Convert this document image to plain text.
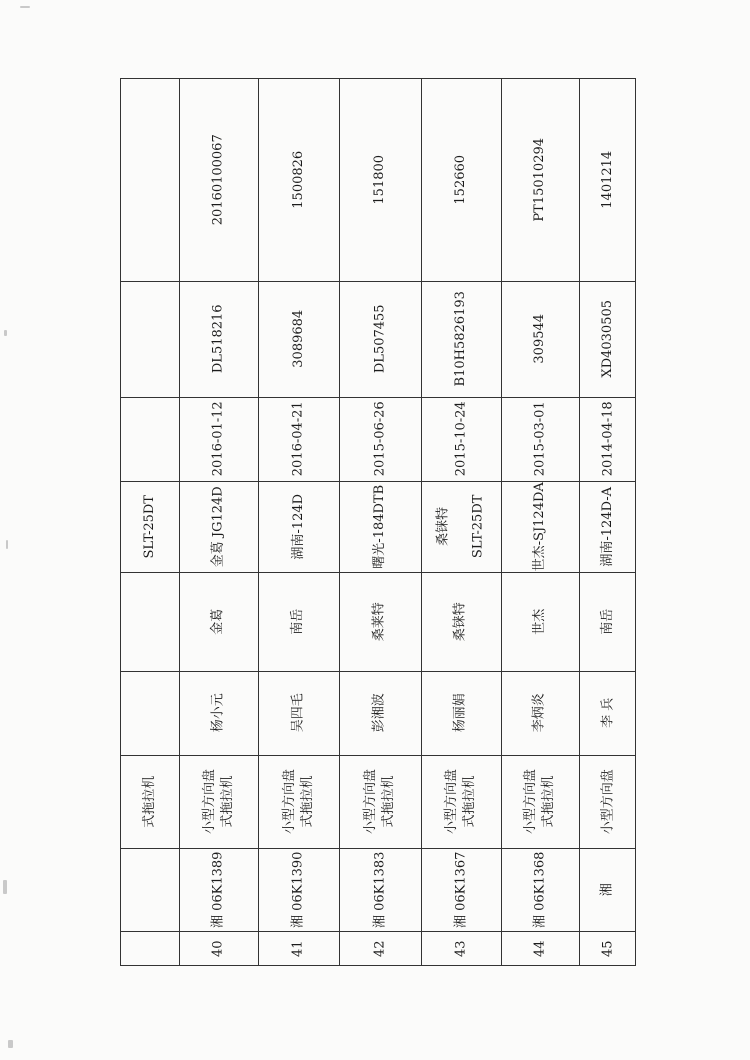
SLT-25DT
式拖拉机
20160100067
DL518216
2016-01-12
金葛 JG124D
金葛
杨小元
小型方向盘
式拖拉机
湘 06K1389
40
1500826
3089684
2016-04-21
湖南-124D
南岳
吴四毛
小型方向盘
式拖拉机
湘 06K1390
41
151800
DL507455
2015-06-26
曙光-184DTB
桑莱特
彭湘波
小型方向盘
式拖拉机
湘 06K1383
42
152660
B10H5826193
2015-10-24
桑铼特

SLT-25DT
桑铼特
杨丽娟
小型方向盘
式拖拉机
湘 06K1367
43
PT15010294
309544
2015-03-01
世杰-SJ124DA
世杰
李炳炎
小型方向盘
式拖拉机
湘 06K1368
44
1401214
XD4030505
2014-04-18
湖南-124D-A
南岳
李 兵
小型方向盘
湘
45
